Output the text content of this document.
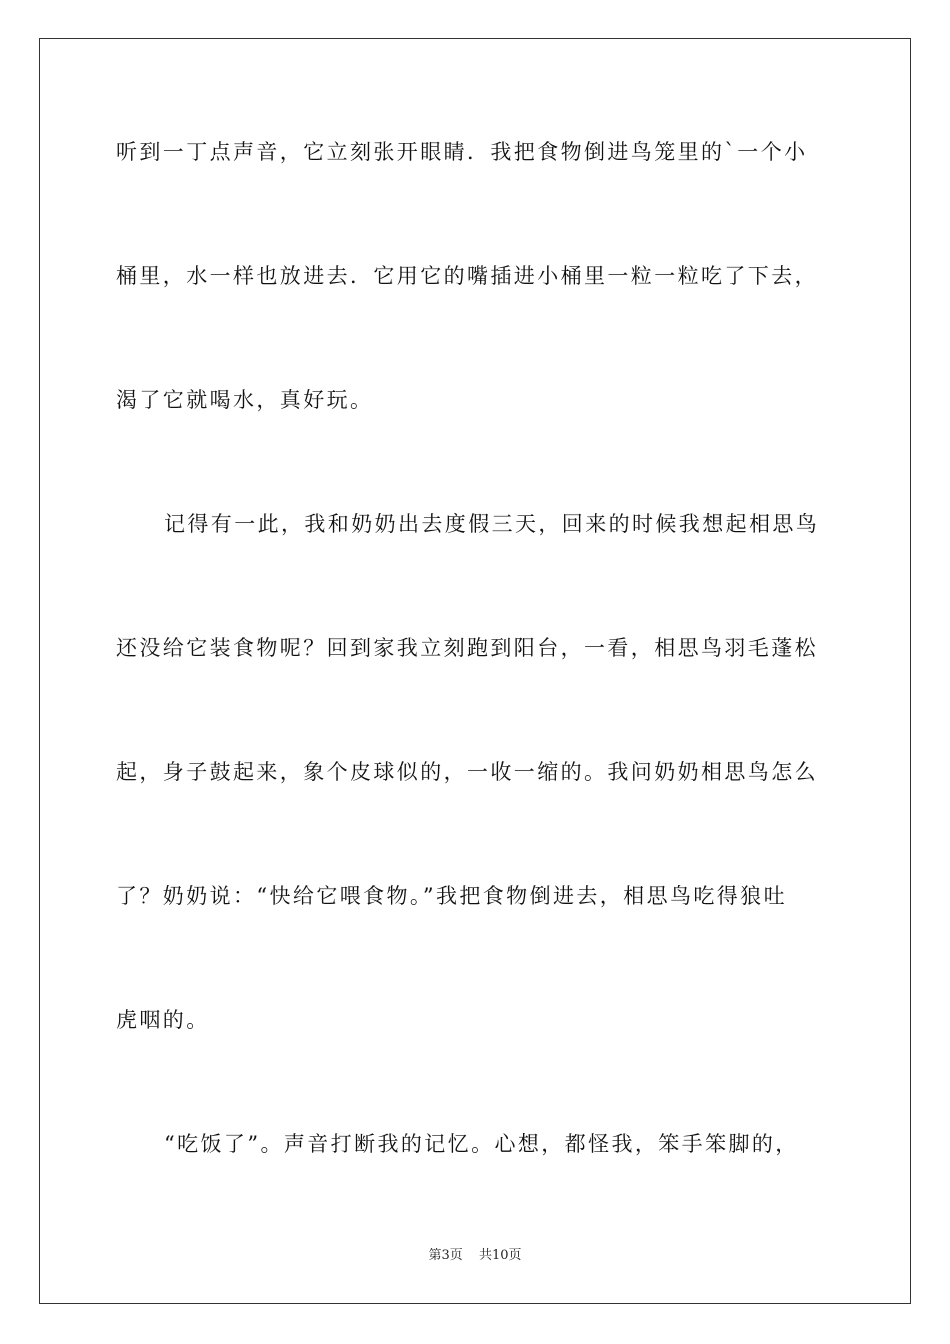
听到一丁点声音，它立刻张开眼睛．我把食物倒进鸟笼里的`一个小
桶里，水一样也放进去．它用它的嘴插进小桶里一粒一粒吃了下去，
渴了它就喝水，真好玩。
记得有一此，我和奶奶出去度假三天，回来的时候我想起相思鸟
还没给它装食物呢？回到家我立刻跑到阳台，一看，相思鸟羽毛蓬松
起，身子鼓起来，象个皮球似的，一收一缩的。我问奶奶相思鸟怎么
了？奶奶说：“快给它喂食物。”我把食物倒进去，相思鸟吃得狼吐
虎咽的。
“吃饭了”。声音打断我的记忆。心想，都怪我，笨手笨脚的，
第3页 共10页
